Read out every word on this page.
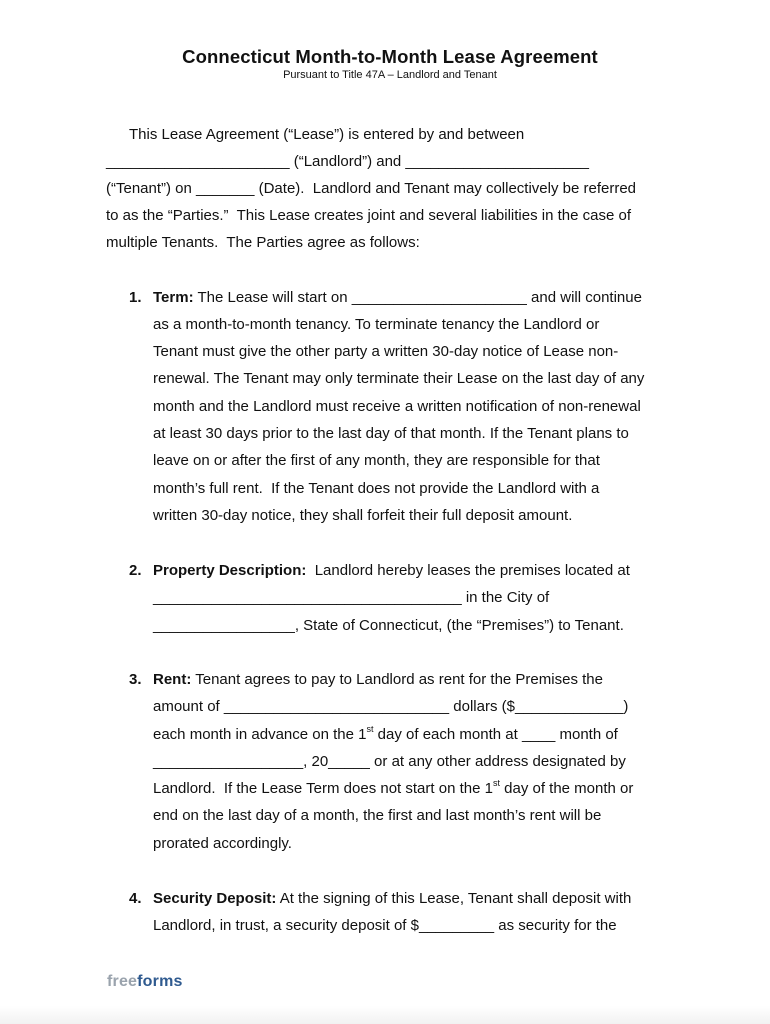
Connecticut Month-to-Month Lease Agreement
Pursuant to Title 47A – Landlord and Tenant
This Lease Agreement (“Lease”) is entered by and between
______________________ (“Landlord”) and ______________________
(“Tenant”) on _______ (Date).  Landlord and Tenant may collectively be referred
to as the “Parties.”  This Lease creates joint and several liabilities in the case of
multiple Tenants.  The Parties agree as follows:
1. Term: The Lease will start on _____________________ and will continue
as a month-to-month tenancy. To terminate tenancy the Landlord or
Tenant must give the other party a written 30-day notice of Lease non-
renewal. The Tenant may only terminate their Lease on the last day of any
month and the Landlord must receive a written notification of non-renewal
at least 30 days prior to the last day of that month. If the Tenant plans to
leave on or after the first of any month, they are responsible for that
month’s full rent.  If the Tenant does not provide the Landlord with a
written 30-day notice, they shall forfeit their full deposit amount.
2. Property Description:  Landlord hereby leases the premises located at
_____________________________________ in the City of
_________________, State of Connecticut, (the “Premises”) to Tenant.
3. Rent: Tenant agrees to pay to Landlord as rent for the Premises the
amount of ___________________________ dollars ($_____________)
each month in advance on the 1st day of each month at ____ month of
__________________, 20_____ or at any other address designated by
Landlord.  If the Lease Term does not start on the 1st day of the month or
end on the last day of a month, the first and last month’s rent will be
prorated accordingly.
4. Security Deposit: At the signing of this Lease, Tenant shall deposit with
Landlord, in trust, a security deposit of $_________ as security for the
freeforms
